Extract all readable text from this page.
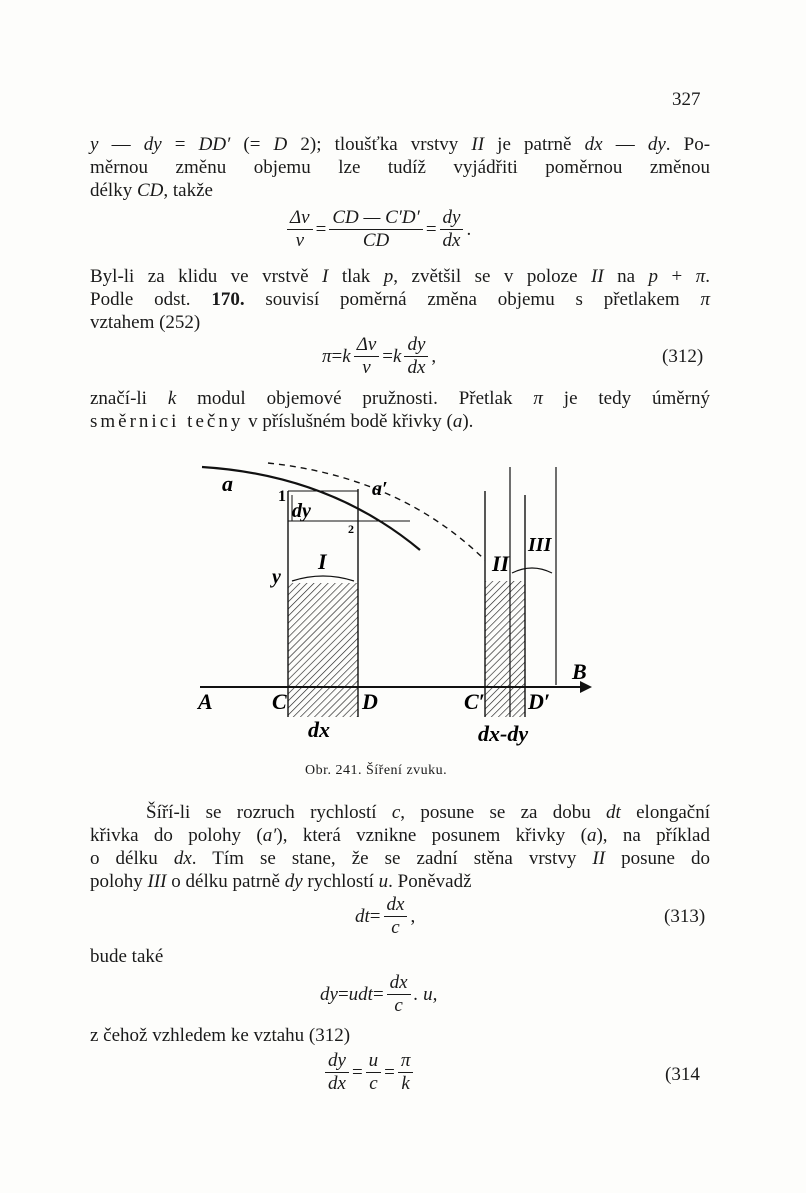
327
y — dy = DD′ (= D 2); tloušťka vrstvy II je patrně dx — dy. Po-
měrnou změnu objemu lze tudíž vyjádřiti poměrnou změnou
délky CD, takže
$\frac{\Delta v}{v} = \frac{CD — C'D'}{CD} = \frac{dy}{dx}$ .
Byl-li za klidu ve vrstvě I tlak p, zvětšil se v poloze II na p + π.
Podle odst. 170. souvisí poměrná změna objemu s přetlakem π
vztahem (252)
π = k $\frac{\Delta v}{v} = k \frac{dy}{dx}$ ,	(312)
značí-li k modul objemové pružnosti. Přetlak π je tedy úměrný
směrnici tečny v příslušném bodě křivky (a).
a	a′
1
2
dy
y
I	II
III
A
B
C	D	C′ D′
dx	dx-dy
Obr. 241. Šíření zvuku.
Šíří-li se rozruch rychlostí c, posune se za dobu dt elongační
křivka do polohy (a′), která vznikne posunem křivky (a), na příklad
o délku dx. Tím se stane, že se zadní stěna vrstvy II posune do
polohy III o délku patrně dy rychlostí u. Poněvadž
dt = $\frac{dx}{c}$ ,	(313)
bude také
dy = udt = $\frac{dx}{c}$ . u,
z čehož vzhledem ke vztahu (312)
$\frac{dy}{dx} = \frac{u}{c} = \frac{\pi}{k}$	(314
